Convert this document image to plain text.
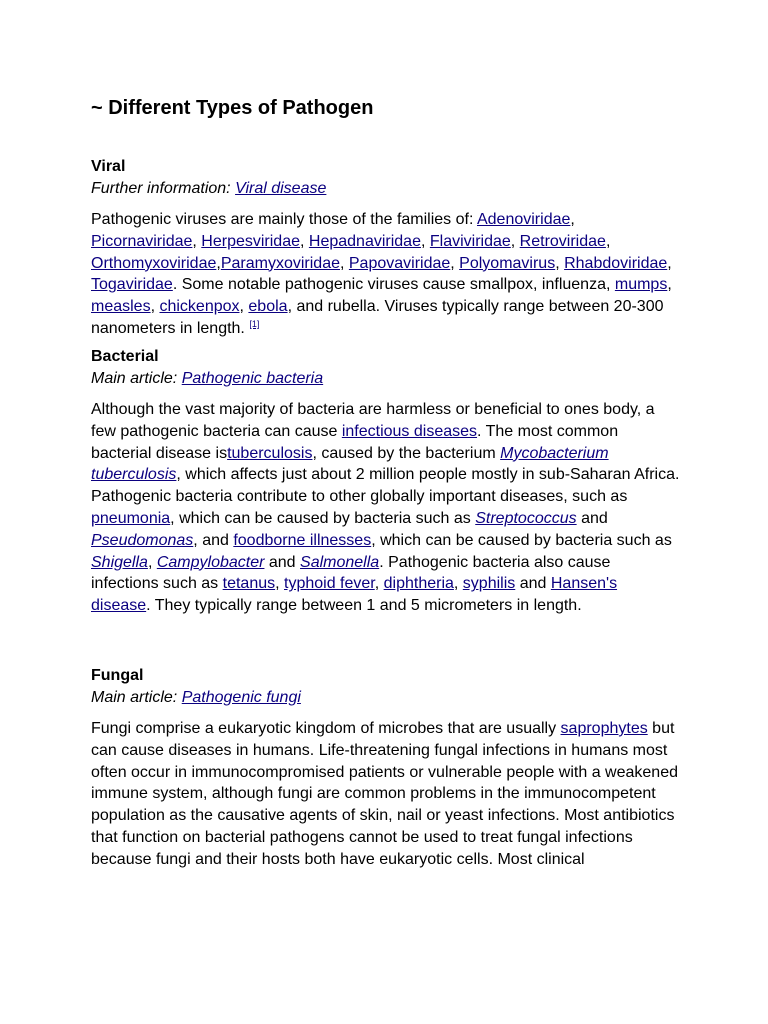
~ Different Types of Pathogen
Viral

Further information: Viral disease

Pathogenic viruses are mainly those of the families of: Adenoviridae, Picornaviridae, Herpesviridae, Hepadnaviridae, Flaviviridae, Retroviridae, Orthomyxoviridae,Paramyxoviridae, Papovaviridae, Polyomavirus, Rhabdoviridae, Togaviridae. Some notable pathogenic viruses cause smallpox, influenza, mumps, measles, chickenpox, ebola, and rubella. Viruses typically range between 20-300 nanometers in length. [1]

Bacterial

Main article: Pathogenic bacteria

Although the vast majority of bacteria are harmless or beneficial to ones body, a few pathogenic bacteria can cause infectious diseases. The most common bacterial disease istuberculosis, caused by the bacterium Mycobacterium tuberculosis, which affects just about 2 million people mostly in sub-Saharan Africa. Pathogenic bacteria contribute to other globally important diseases, such as pneumonia, which can be caused by bacteria such as Streptococcus and Pseudomonas, and foodborne illnesses, which can be caused by bacteria such as Shigella, Campylobacter and Salmonella. Pathogenic bacteria also cause infections such as tetanus, typhoid fever, diphtheria, syphilis and Hansen's disease. They typically range between 1 and 5 micrometers in length.

Fungal

Main article: Pathogenic fungi

Fungi comprise a eukaryotic kingdom of microbes that are usually saprophytes but can cause diseases in humans. Life-threatening fungal infections in humans most often occur in immunocompromised patients or vulnerable people with a weakened immune system, although fungi are common problems in the immunocompetent population as the causative agents of skin, nail or yeast infections. Most antibiotics that function on bacterial pathogens cannot be used to treat fungal infections because fungi and their hosts both have eukaryotic cells. Most clinical
